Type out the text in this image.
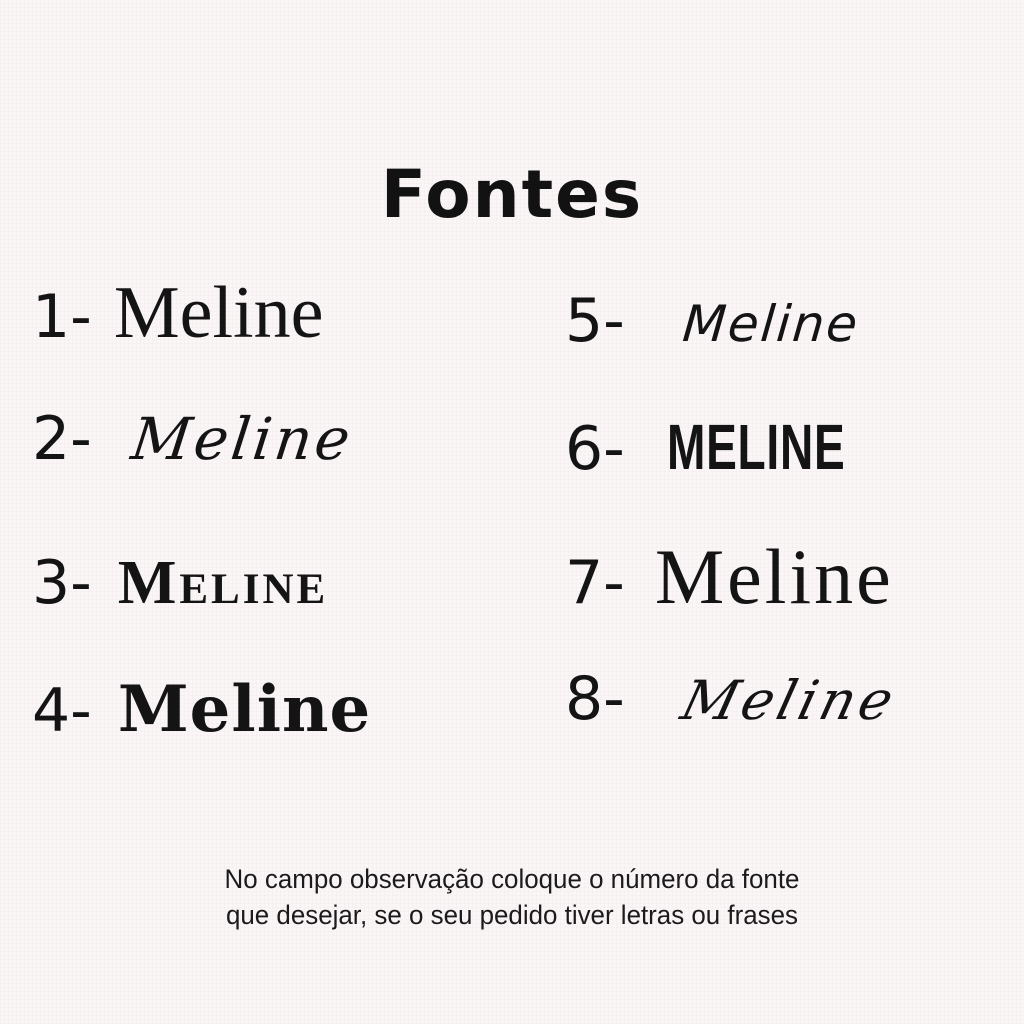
Fontes
1- Meline
2- Meline
3- Meline
4- Meline
5- Meline
6- MELINE
7- Meline
8- Meline

No campo observação coloque o número da fonte
que desejar, se o seu pedido tiver letras ou frases
